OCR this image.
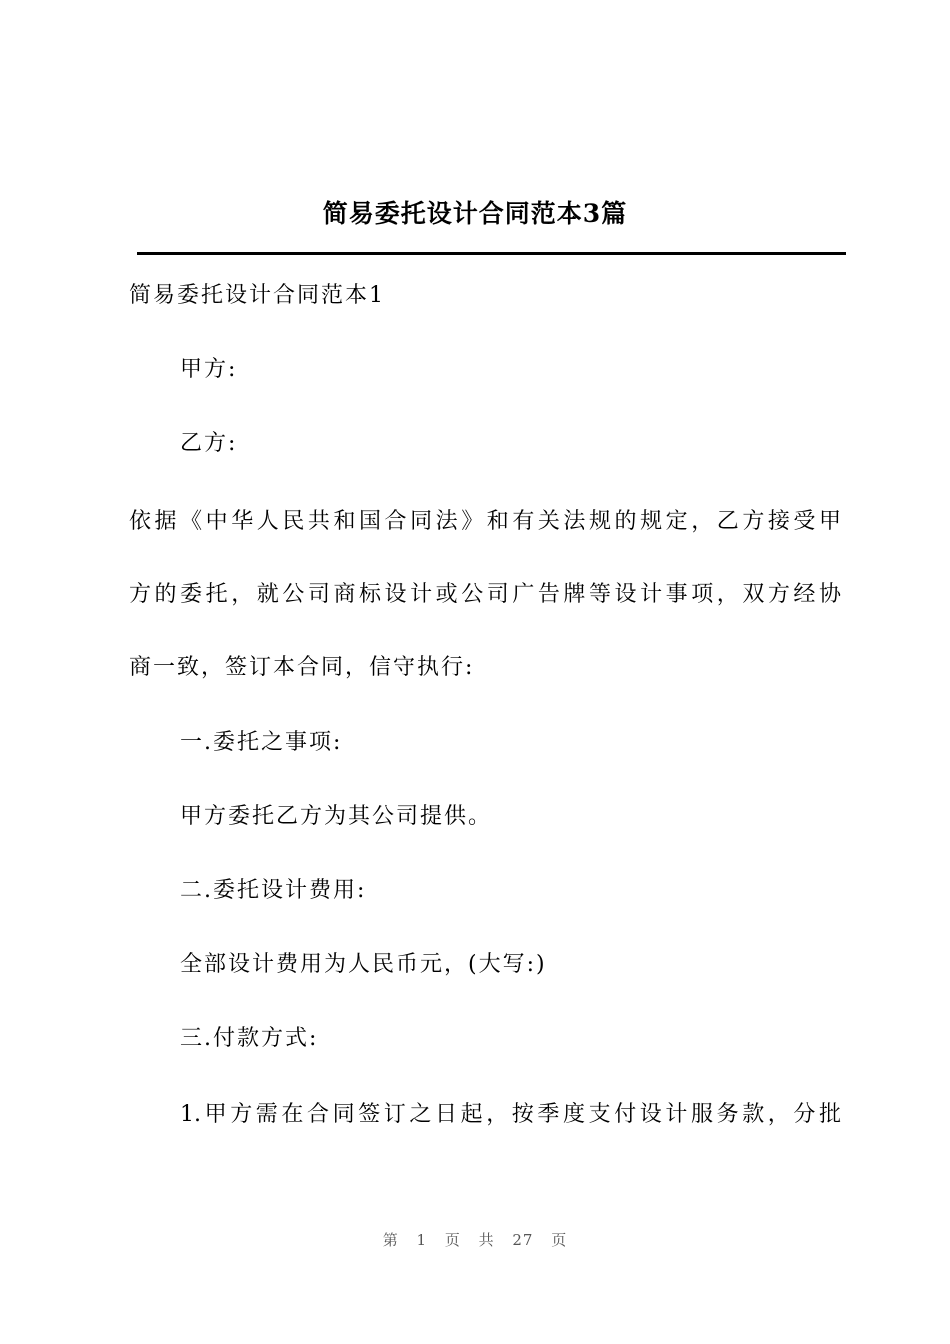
简易委托设计合同范本3篇
简易委托设计合同范本1
甲方:
乙方:
依据《中华人民共和国合同法》和有关法规的规定，乙方接受甲
方的委托，就公司商标设计或公司广告牌等设计事项，双方经协
商一致，签订本合同，信守执行:
一.委托之事项:
甲方委托乙方为其公司提供。
二.委托设计费用:
全部设计费用为人民币元，(大写:)
三.付款方式:
1.甲方需在合同签订之日起，按季度支付设计服务款，分批
第 1 页 共 27 页
